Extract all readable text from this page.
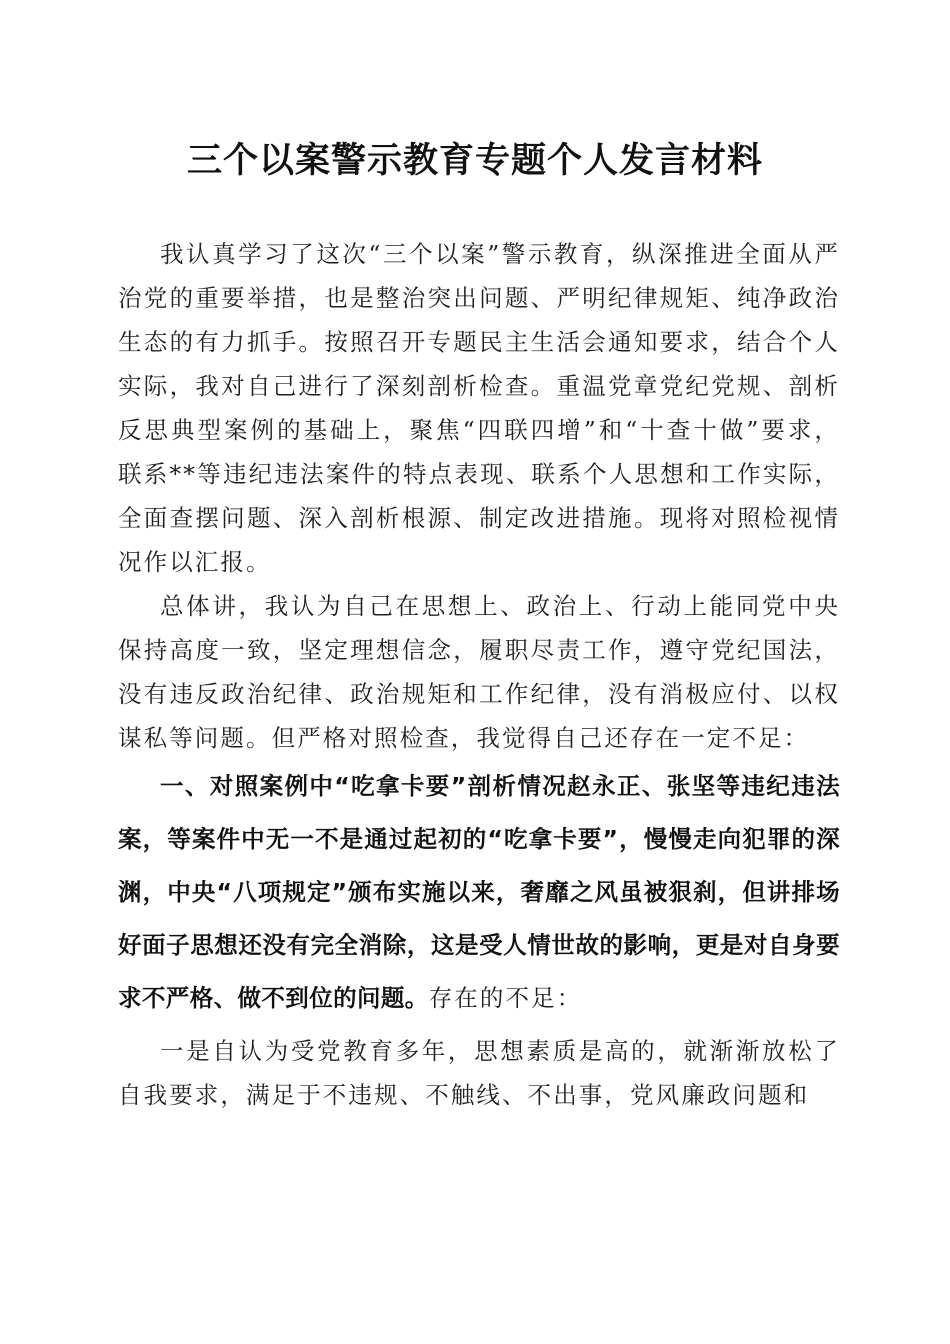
三个以案警示教育专题个人发言材料

我认真学习了这次“三个以案”警示教育，纵深推进全面从严治党的重要举措，也是整治突出问题、严明纪律规矩、纯净政治生态的有力抓手。按照召开专题民主生活会通知要求，结合个人实际，我对自己进行了深刻剖析检查。重温党章党纪党规、剖析反思典型案例的基础上，聚焦“四联四增”和“十查十做”要求，联系**等违纪违法案件的特点表现、联系个人思想和工作实际，全面查摆问题、深入剖析根源、制定改进措施。现将对照检视情况作以汇报。

总体讲，我认为自己在思想上、政治上、行动上能同党中央保持高度一致，坚定理想信念，履职尽责工作，遵守党纪国法，没有违反政治纪律、政治规矩和工作纪律，没有消极应付、以权谋私等问题。但严格对照检查，我觉得自己还存在一定不足：

一、对照案例中“吃拿卡要”剖析情况赵永正、张坚等违纪违法案，等案件中无一不是通过起初的“吃拿卡要”，慢慢走向犯罪的深渊，中央“八项规定”颁布实施以来，奢靡之风虽被狠刹，但讲排场好面子思想还没有完全消除，这是受人情世故的影响，更是对自身要求不严格、做不到位的问题。存在的不足：

一是自认为受党教育多年，思想素质是高的，就渐渐放松了自我要求，满足于不违规、不触线、不出事，党风廉政问题和
